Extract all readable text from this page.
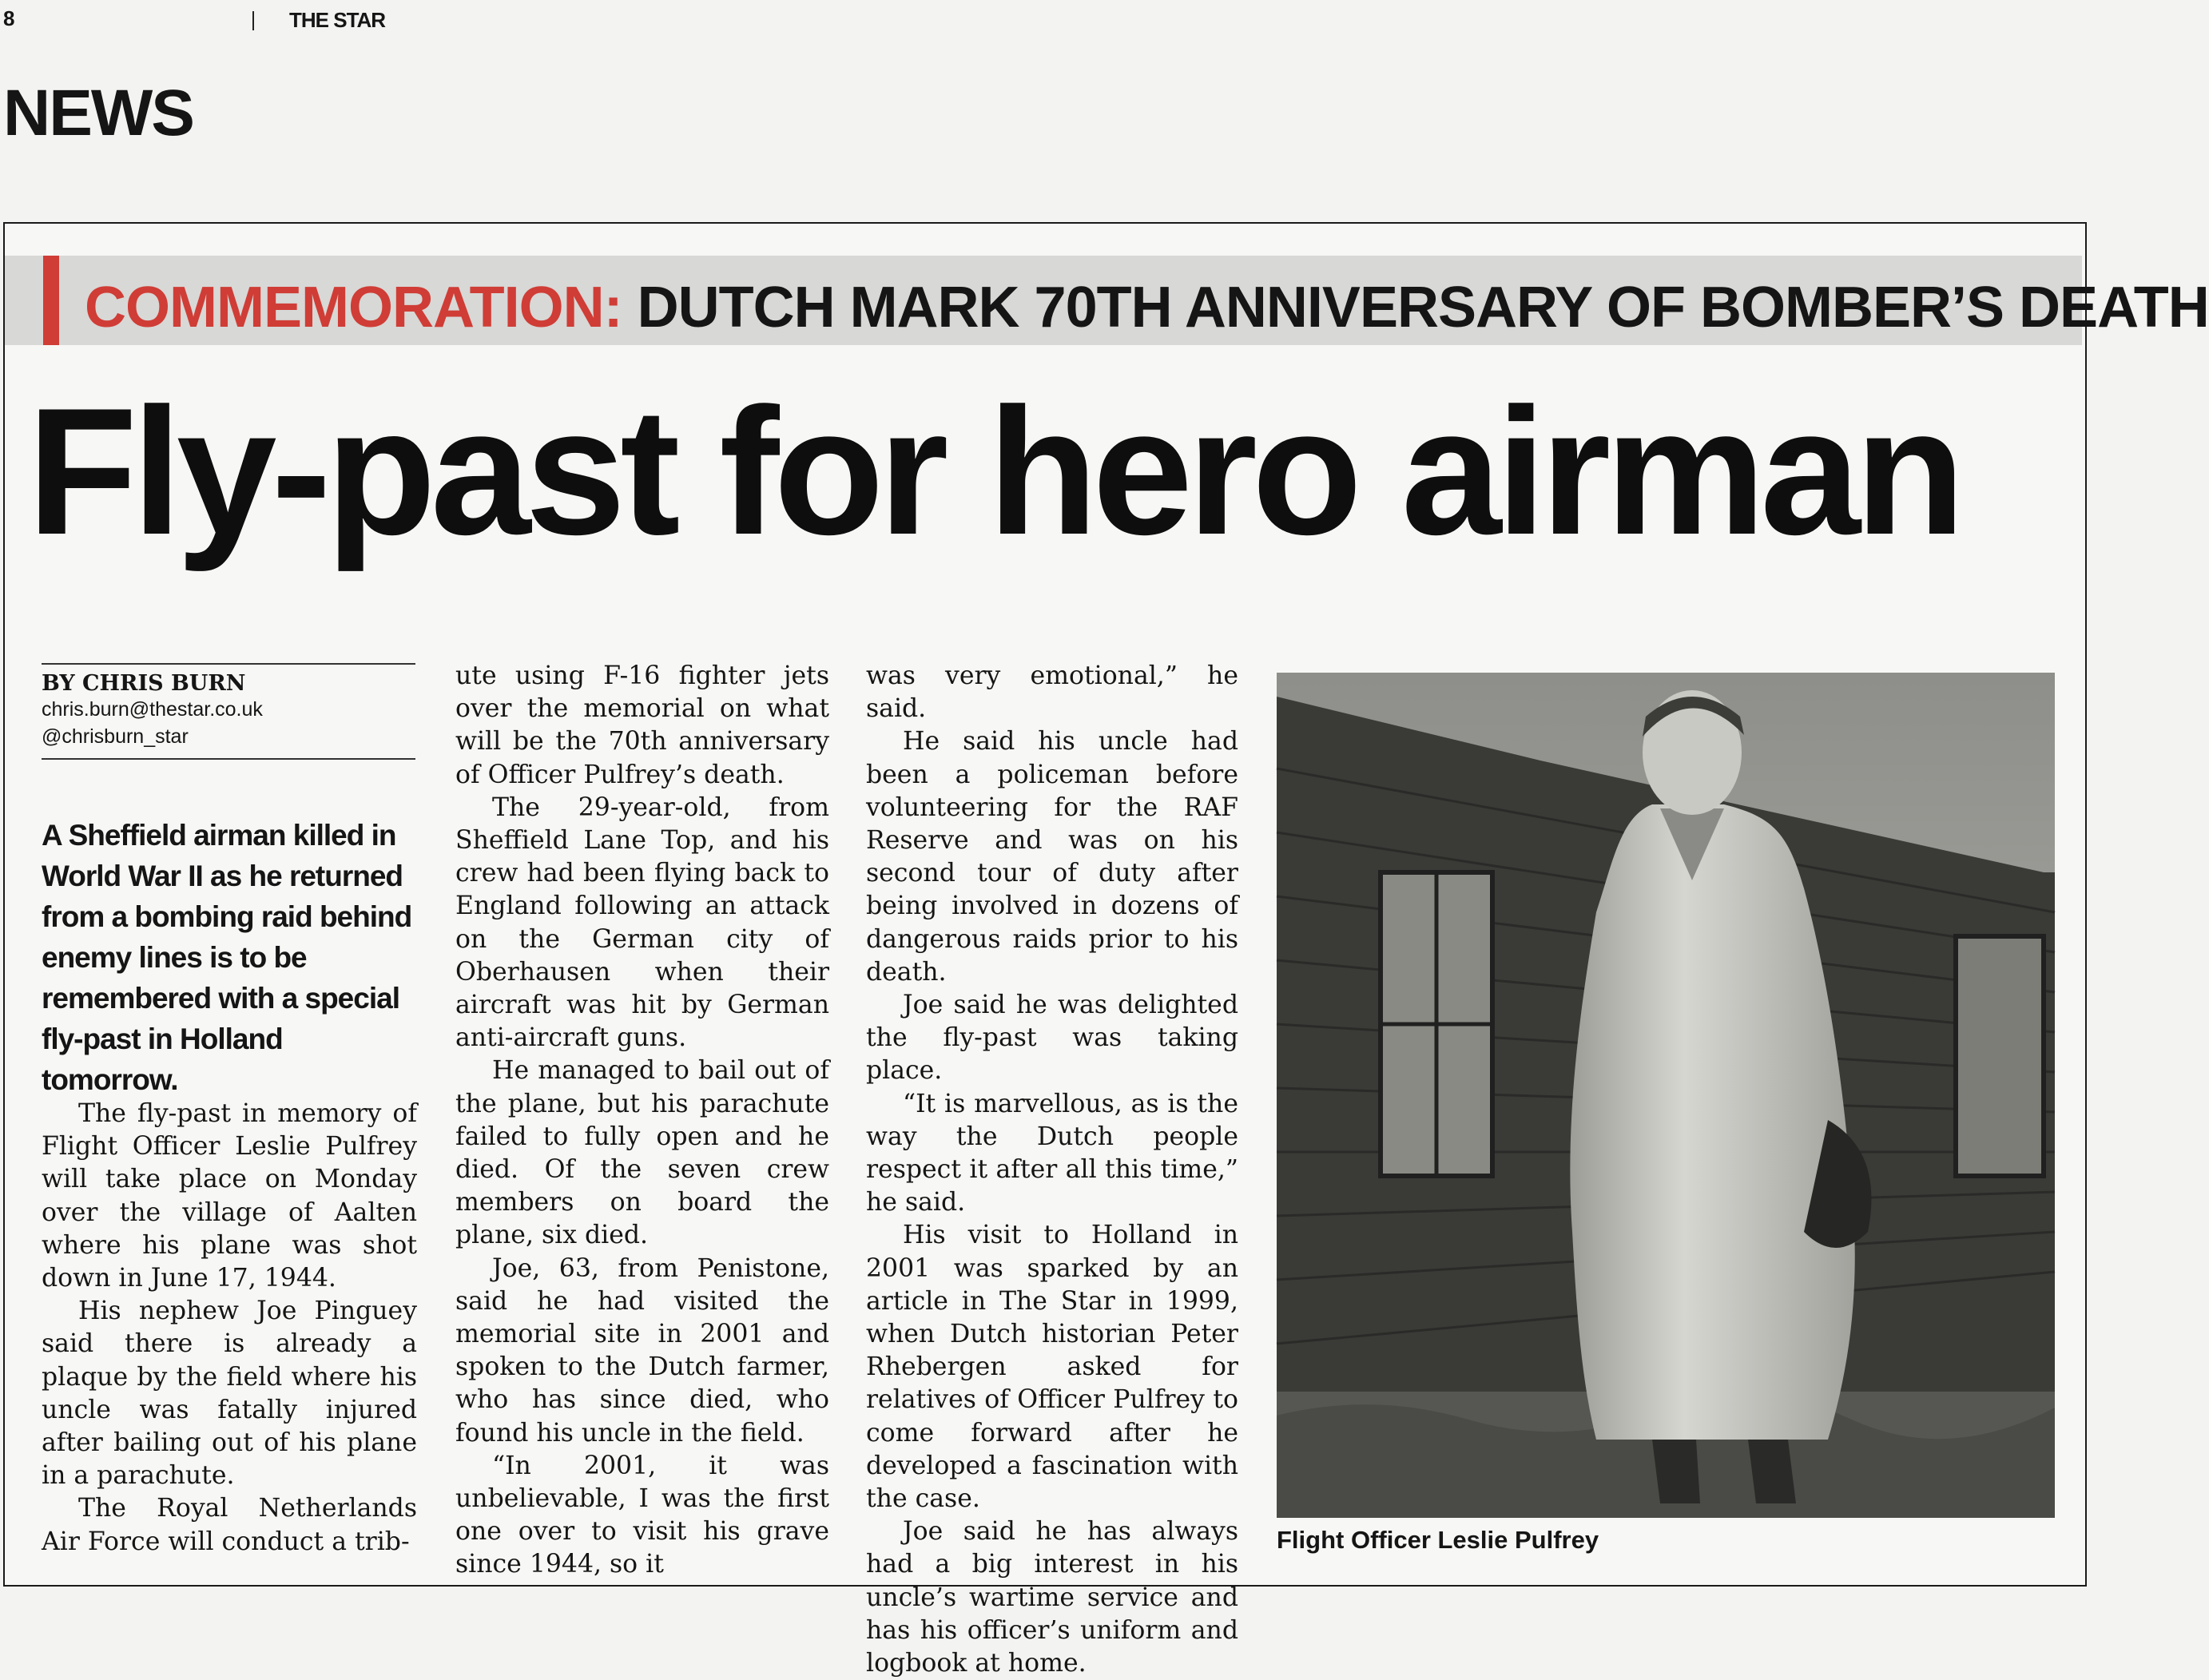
8	THE STAR
NEWS
COMMEMORATION: DUTCH MARK 70TH ANNIVERSARY OF BOMBER’S DEATH
Fly-past for hero airman
BY CHRIS BURN
chris.burn@thestar.co.uk
@chrisburn_star
A Sheffield airman killed in World War II as he returned from a bombing raid behind enemy lines is to be remembered with a special fly-past in Holland tomorrow.

The fly-past in memory of Flight Officer Leslie Pulfrey will take place on Monday over the village of Aalten where his plane was shot down in June 17, 1944.

His nephew Joe Pinguey said there is already a plaque by the field where his uncle was fatally injured after bailing out of his plane in a parachute.

The Royal Netherlands Air Force will conduct a trib-

ute using F-16 fighter jets over the memorial on what will be the 70th anniversary of Officer Pulfrey’s death.

The 29-year-old, from Sheffield Lane Top, and his crew had been flying back to England following an attack on the German city of Oberhausen when their aircraft was hit by German anti-aircraft guns.

He managed to bail out of the plane, but his parachute failed to fully open and he died. Of the seven crew members on board the plane, six died.

Joe, 63, from Penistone, said he had visited the memorial site in 2001 and spoken to the Dutch farmer, who has since died, who found his uncle in the field.

“In 2001, it was unbelievable, I was the first one over to visit his grave since 1944, so it

was very emotional,” he said.

He said his uncle had been a policeman before volunteering for the RAF Reserve and was on his second tour of duty after being involved in dozens of dangerous raids prior to his death.

Joe said he was delighted the fly-past was taking place.

“It is marvellous, as is the way the Dutch people respect it after all this time,” he said.

His visit to Holland in 2001 was sparked by an article in The Star in 1999, when Dutch historian Peter Rhebergen asked for relatives of Officer Pulfrey to come forward after he developed a fascination with the case.

Joe said he has always had a big interest in his uncle’s wartime service and has his officer’s uniform and logbook at home.

Flight Officer Leslie Pulfrey
